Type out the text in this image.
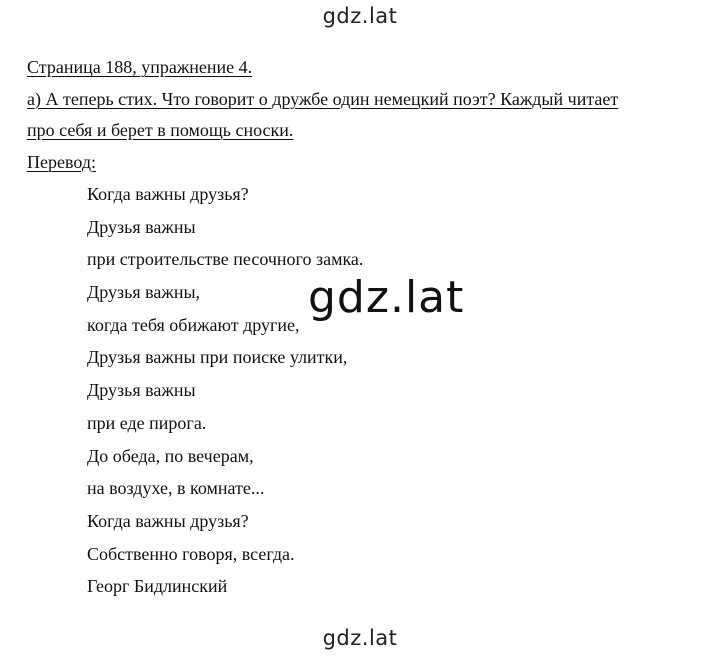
gdz.lat
Страница 188, упражнение 4.
а) А теперь стих. Что говорит о дружбе один немецкий поэт? Каждый читает
про себя и берет в помощь сноски.
Перевод:
Когда важны друзья?
Друзья важны
при строительстве песочного замка.
Друзья важны,
когда тебя обижают другие,
Друзья важны при поиске улитки,
Друзья важны
при еде пирога.
До обеда, по вечерам,
на воздухе, в комнате...
Когда важны друзья?
Собственно говоря, всегда.
Георг Бидлинский
gdz.lat
gdz.lat
